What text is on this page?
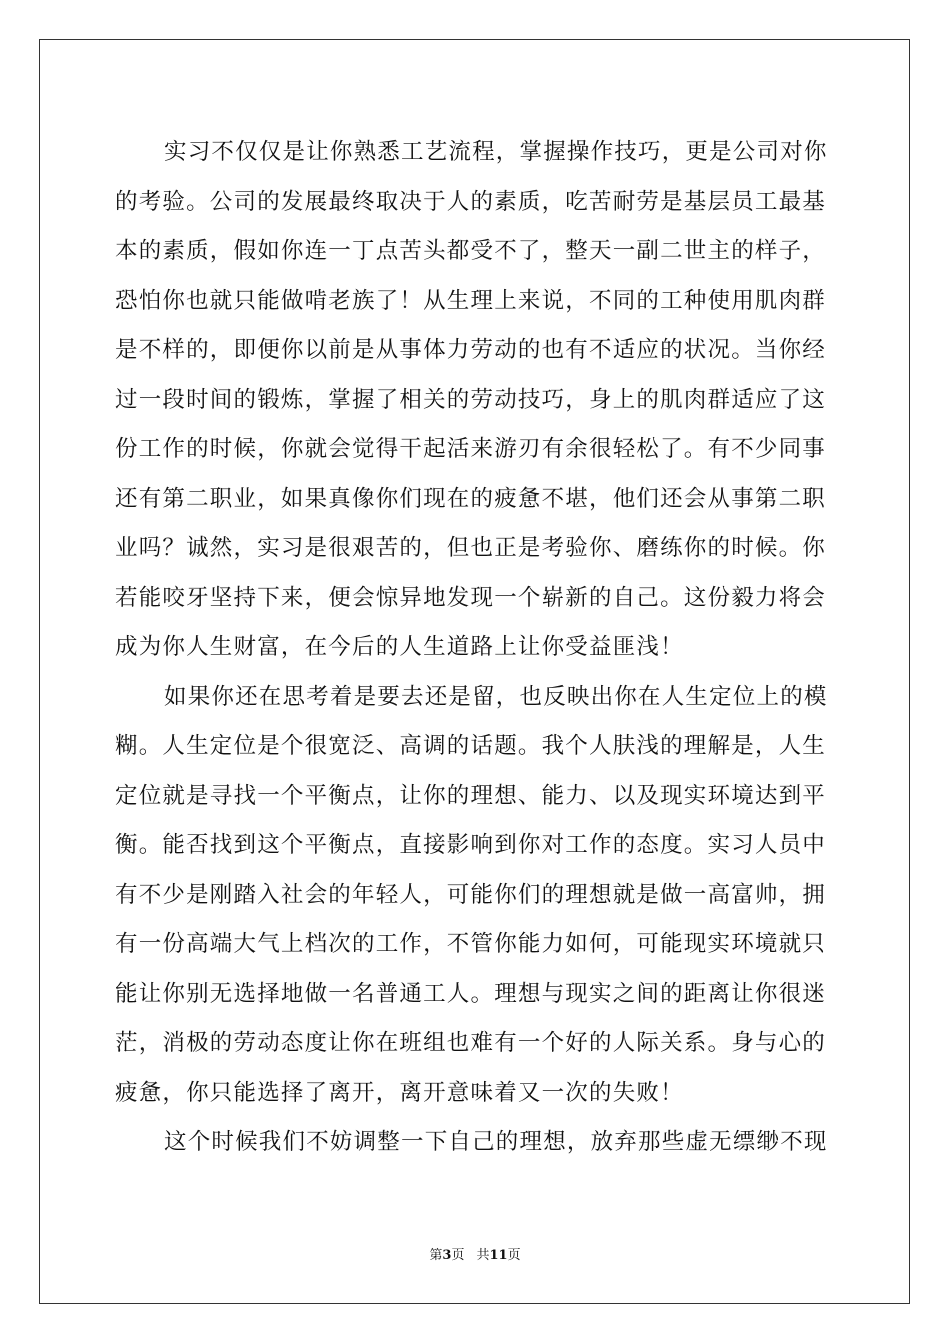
实习不仅仅是让你熟悉工艺流程，掌握操作技巧，更是公司对你
的考验。公司的发展最终取决于人的素质，吃苦耐劳是基层员工最基
本的素质，假如你连一丁点苦头都受不了，整天一副二世主的样子，
恐怕你也就只能做啃老族了！从生理上来说，不同的工种使用肌肉群
是不样的，即便你以前是从事体力劳动的也有不适应的状况。当你经
过一段时间的锻炼，掌握了相关的劳动技巧，身上的肌肉群适应了这
份工作的时候，你就会觉得干起活来游刃有余很轻松了。有不少同事
还有第二职业，如果真像你们现在的疲惫不堪，他们还会从事第二职
业吗？诚然，实习是很艰苦的，但也正是考验你、磨练你的时候。你
若能咬牙坚持下来，便会惊异地发现一个崭新的自己。这份毅力将会
成为你人生财富，在今后的人生道路上让你受益匪浅！
如果你还在思考着是要去还是留，也反映出你在人生定位上的模
糊。人生定位是个很宽泛、高调的话题。我个人肤浅的理解是，人生
定位就是寻找一个平衡点，让你的理想、能力、以及现实环境达到平
衡。能否找到这个平衡点，直接影响到你对工作的态度。实习人员中
有不少是刚踏入社会的年轻人，可能你们的理想就是做一高富帅，拥
有一份高端大气上档次的工作，不管你能力如何，可能现实环境就只
能让你别无选择地做一名普通工人。理想与现实之间的距离让你很迷
茫，消极的劳动态度让你在班组也难有一个好的人际关系。身与心的
疲惫，你只能选择了离开，离开意味着又一次的失败！
这个时候我们不妨调整一下自己的理想，放弃那些虚无缥缈不现
第3页 共11页
